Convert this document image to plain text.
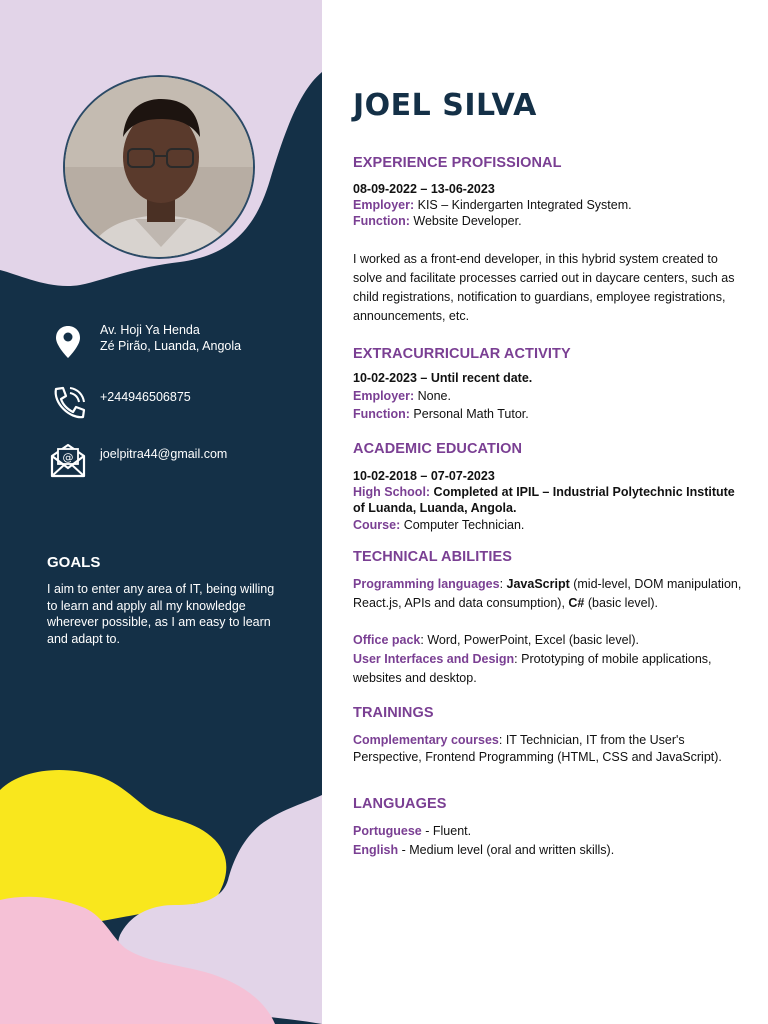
Av. Hoji Ya Henda
Zé Pirão, Luanda, Angola
+244946506875
@ joelpitra44@gmail.com
GOALS
I aim to enter any area of IT, being willing to learn and apply all my knowledge wherever possible, as I am easy to learn and adapt to.
JOEL SILVA
EXPERIENCE PROFISSIONAL
08-09-2022 – 13-06-2023
Employer: KIS – Kindergarten Integrated System.
Function: Website Developer.
I worked as a front-end developer, in this hybrid system created to solve and facilitate processes carried out in daycare centers, such as child registrations, notification to guardians, employee registrations, announcements, etc.
EXTRACURRICULAR ACTIVITY
10-02-2023 – Until recent date.
Employer: None.
Function: Personal Math Tutor.
ACADEMIC EDUCATION
10-02-2018 – 07-07-2023
High School: Completed at IPIL – Industrial Polytechnic Institute of Luanda, Luanda, Angola.
Course: Computer Technician.
TECHNICAL ABILITIES
Programming languages: JavaScript (mid-level, DOM manipulation, React.js, APIs and data consumption), C# (basic level).
Office pack: Word, PowerPoint, Excel (basic level).
User Interfaces and Design: Prototyping of mobile applications, websites and desktop.
TRAININGS
Complementary courses: IT Technician, IT from the User's Perspective, Frontend Programming (HTML, CSS and JavaScript).
LANGUAGES
Portuguese - Fluent.
English - Medium level (oral and written skills).
